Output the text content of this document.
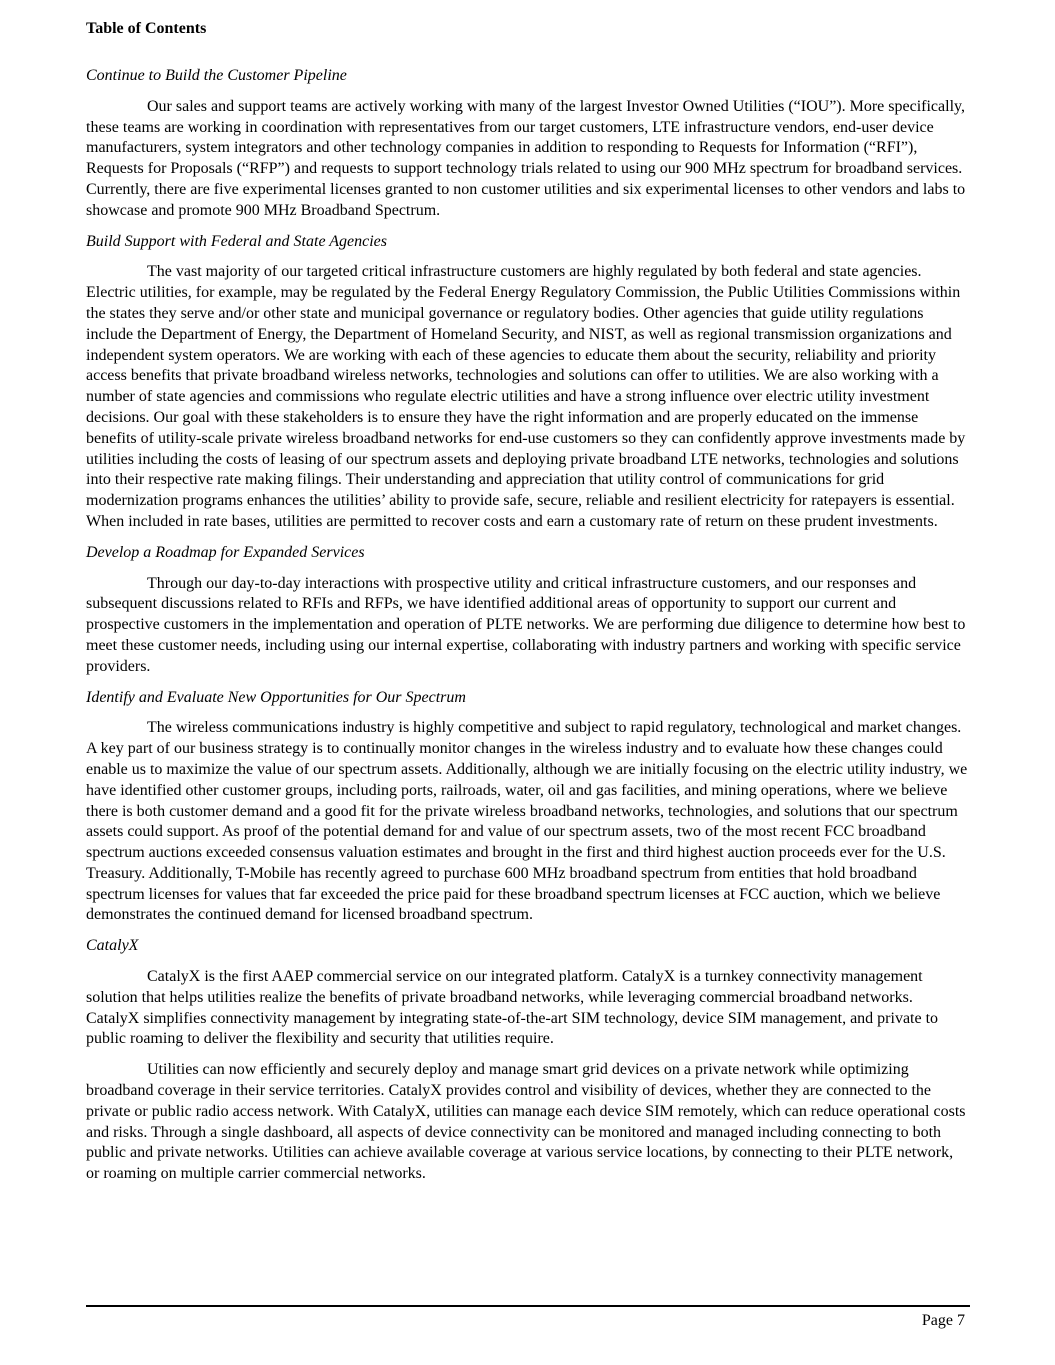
Table of Contents

Continue to Build the Customer Pipeline

Our sales and support teams are actively working with many of the largest Investor Owned Utilities (“IOU”). More specifically, these teams are working in coordination with representatives from our target customers, LTE infrastructure vendors, end-user device manufacturers, system integrators and other technology companies in addition to responding to Requests for Information (“RFI”), Requests for Proposals (“RFP”) and requests to support technology trials related to using our 900 MHz spectrum for broadband services. Currently, there are five experimental licenses granted to non customer utilities and six experimental licenses to other vendors and labs to showcase and promote 900 MHz Broadband Spectrum.

Build Support with Federal and State Agencies

The vast majority of our targeted critical infrastructure customers are highly regulated by both federal and state agencies. Electric utilities, for example, may be regulated by the Federal Energy Regulatory Commission, the Public Utilities Commissions within the states they serve and/or other state and municipal governance or regulatory bodies. Other agencies that guide utility regulations include the Department of Energy, the Department of Homeland Security, and NIST, as well as regional transmission organizations and independent system operators. We are working with each of these agencies to educate them about the security, reliability and priority access benefits that private broadband wireless networks, technologies and solutions can offer to utilities. We are also working with a number of state agencies and commissions who regulate electric utilities and have a strong influence over electric utility investment decisions. Our goal with these stakeholders is to ensure they have the right information and are properly educated on the immense benefits of utility-scale private wireless broadband networks for end-use customers so they can confidently approve investments made by utilities including the costs of leasing of our spectrum assets and deploying private broadband LTE networks, technologies and solutions into their respective rate making filings. Their understanding and appreciation that utility control of communications for grid modernization programs enhances the utilities’ ability to provide safe, secure, reliable and resilient electricity for ratepayers is essential. When included in rate bases, utilities are permitted to recover costs and earn a customary rate of return on these prudent investments.

Develop a Roadmap for Expanded Services

Through our day-to-day interactions with prospective utility and critical infrastructure customers, and our responses and subsequent discussions related to RFIs and RFPs, we have identified additional areas of opportunity to support our current and prospective customers in the implementation and operation of PLTE networks. We are performing due diligence to determine how best to meet these customer needs, including using our internal expertise, collaborating with industry partners and working with specific service providers.

Identify and Evaluate New Opportunities for Our Spectrum

The wireless communications industry is highly competitive and subject to rapid regulatory, technological and market changes. A key part of our business strategy is to continually monitor changes in the wireless industry and to evaluate how these changes could enable us to maximize the value of our spectrum assets. Additionally, although we are initially focusing on the electric utility industry, we have identified other customer groups, including ports, railroads, water, oil and gas facilities, and mining operations, where we believe there is both customer demand and a good fit for the private wireless broadband networks, technologies, and solutions that our spectrum assets could support. As proof of the potential demand for and value of our spectrum assets, two of the most recent FCC broadband spectrum auctions exceeded consensus valuation estimates and brought in the first and third highest auction proceeds ever for the U.S. Treasury. Additionally, T-Mobile has recently agreed to purchase 600 MHz broadband spectrum from entities that hold broadband spectrum licenses for values that far exceeded the price paid for these broadband spectrum licenses at FCC auction, which we believe demonstrates the continued demand for licensed broadband spectrum.

CatalyX

CatalyX is the first AAEP commercial service on our integrated platform. CatalyX is a turnkey connectivity management solution that helps utilities realize the benefits of private broadband networks, while leveraging commercial broadband networks. CatalyX simplifies connectivity management by integrating state-of-the-art SIM technology, device SIM management, and private to public roaming to deliver the flexibility and security that utilities require.

Utilities can now efficiently and securely deploy and manage smart grid devices on a private network while optimizing broadband coverage in their service territories. CatalyX provides control and visibility of devices, whether they are connected to the private or public radio access network. With CatalyX, utilities can manage each device SIM remotely, which can reduce operational costs and risks. Through a single dashboard, all aspects of device connectivity can be monitored and managed including connecting to both public and private networks. Utilities can achieve available coverage at various service locations, by connecting to their PLTE network, or roaming on multiple carrier commercial networks.

Page 7
